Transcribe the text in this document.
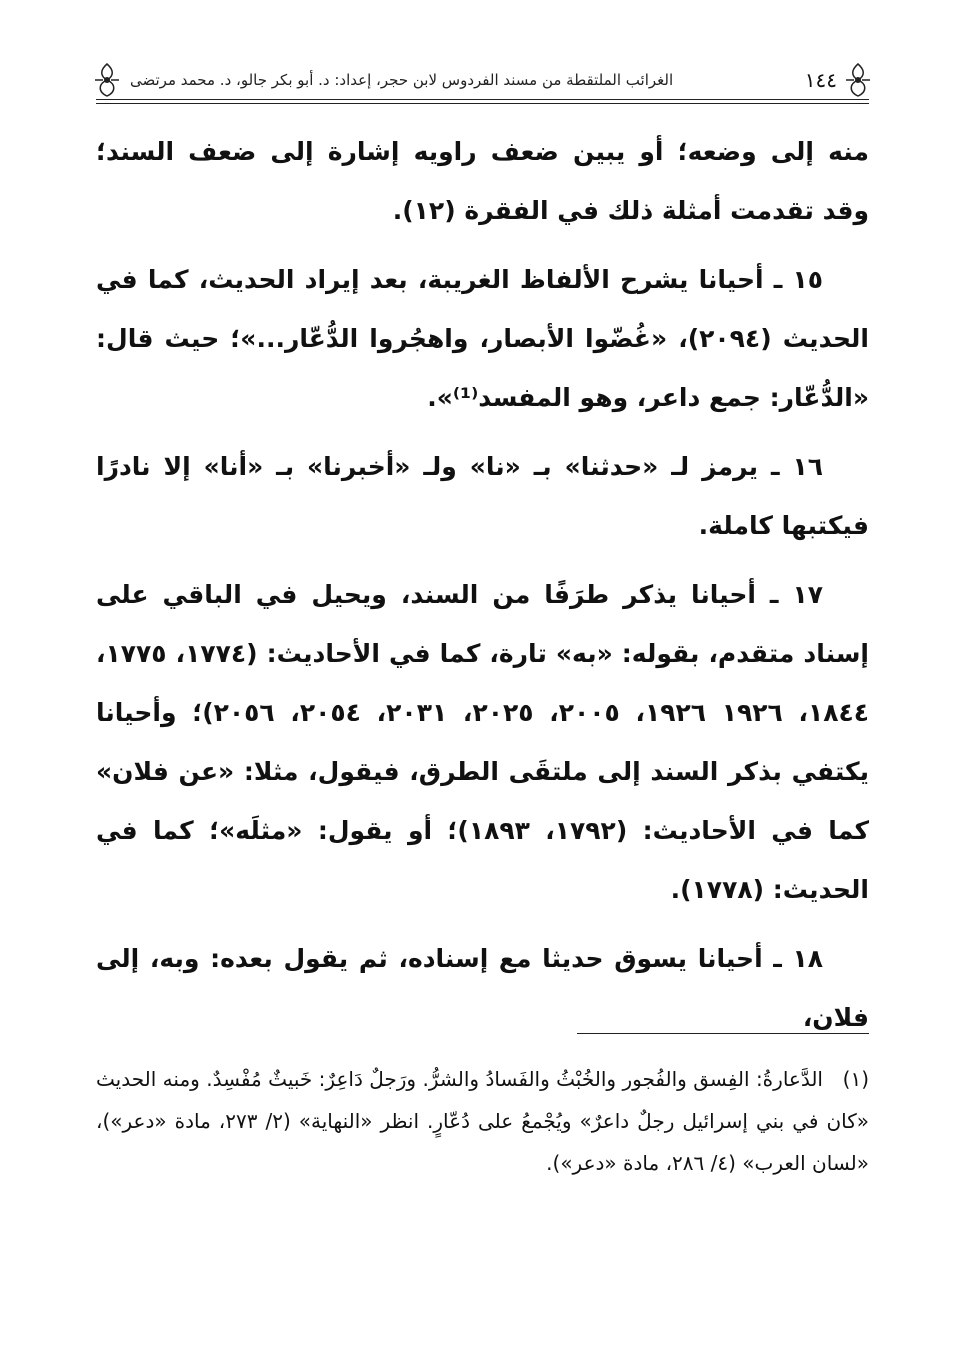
١٤٤
الغرائب الملتقطة من مسند الفردوس لابن حجر، إعداد: د. أبو بكر جالو، د. محمد مرتضى

منه إلى وضعه؛ أو يبين ضعف راويه إشارة إلى ضعف السند؛ وقد تقدمت أمثلة ذلك في الفقرة (١٢).

١٥ ـ أحيانا يشرح الألفاظ الغريبة، بعد إيراد الحديث، كما في الحديث (٢٠٩٤)، «غُضّوا الأبصار، واهجُروا الدُّعّار...»؛ حيث قال: «الدُّعّار: جمع داعر، وهو المفسد⁽¹⁾».

١٦ ـ يرمز لـ «حدثنا» بـ «نا» ولـ «أخبرنا» بـ «أنا» إلا نادرًا فيكتبها كاملة.

١٧ ـ أحيانا يذكر طرَفًا من السند، ويحيل في الباقي على إسناد متقدم، بقوله: «به» تارة، كما في الأحاديث: (١٧٧٤، ١٧٧٥، ١٨٤٤، ١٩٢٦ ١٩٢٦، ٢٠٠٥، ٢٠٢٥، ٢٠٣١، ٢٠٥٤، ٢٠٥٦)؛ وأحيانا يكتفي بذكر السند إلى ملتقَى الطرق، فيقول، مثلا: «عن فلان» كما في الأحاديث: (١٧٩٢، ١٨٩٣)؛ أو يقول: «مثلَه»؛ كما في الحديث: (١٧٧٨).

١٨ ـ أحيانا يسوق حديثا مع إسناده، ثم يقول بعده: وبه، إلى فلان،

(١)الدَّعارةُ: الفِسق والفُجور والخُبْثُ والفَسادُ والشرُّ. ورَجلٌ دَاعِرٌ: خَبيثٌ مُفْسِدٌ. ومنه الحديث «كان في بني إسرائيل رجلٌ داعرٌ» ويُجْمعُ على دُعّارٍ. انظر «النهاية» (٢/ ٢٧٣، مادة «دعر»)، «لسان العرب» (٤/ ٢٨٦، مادة «دعر»).
